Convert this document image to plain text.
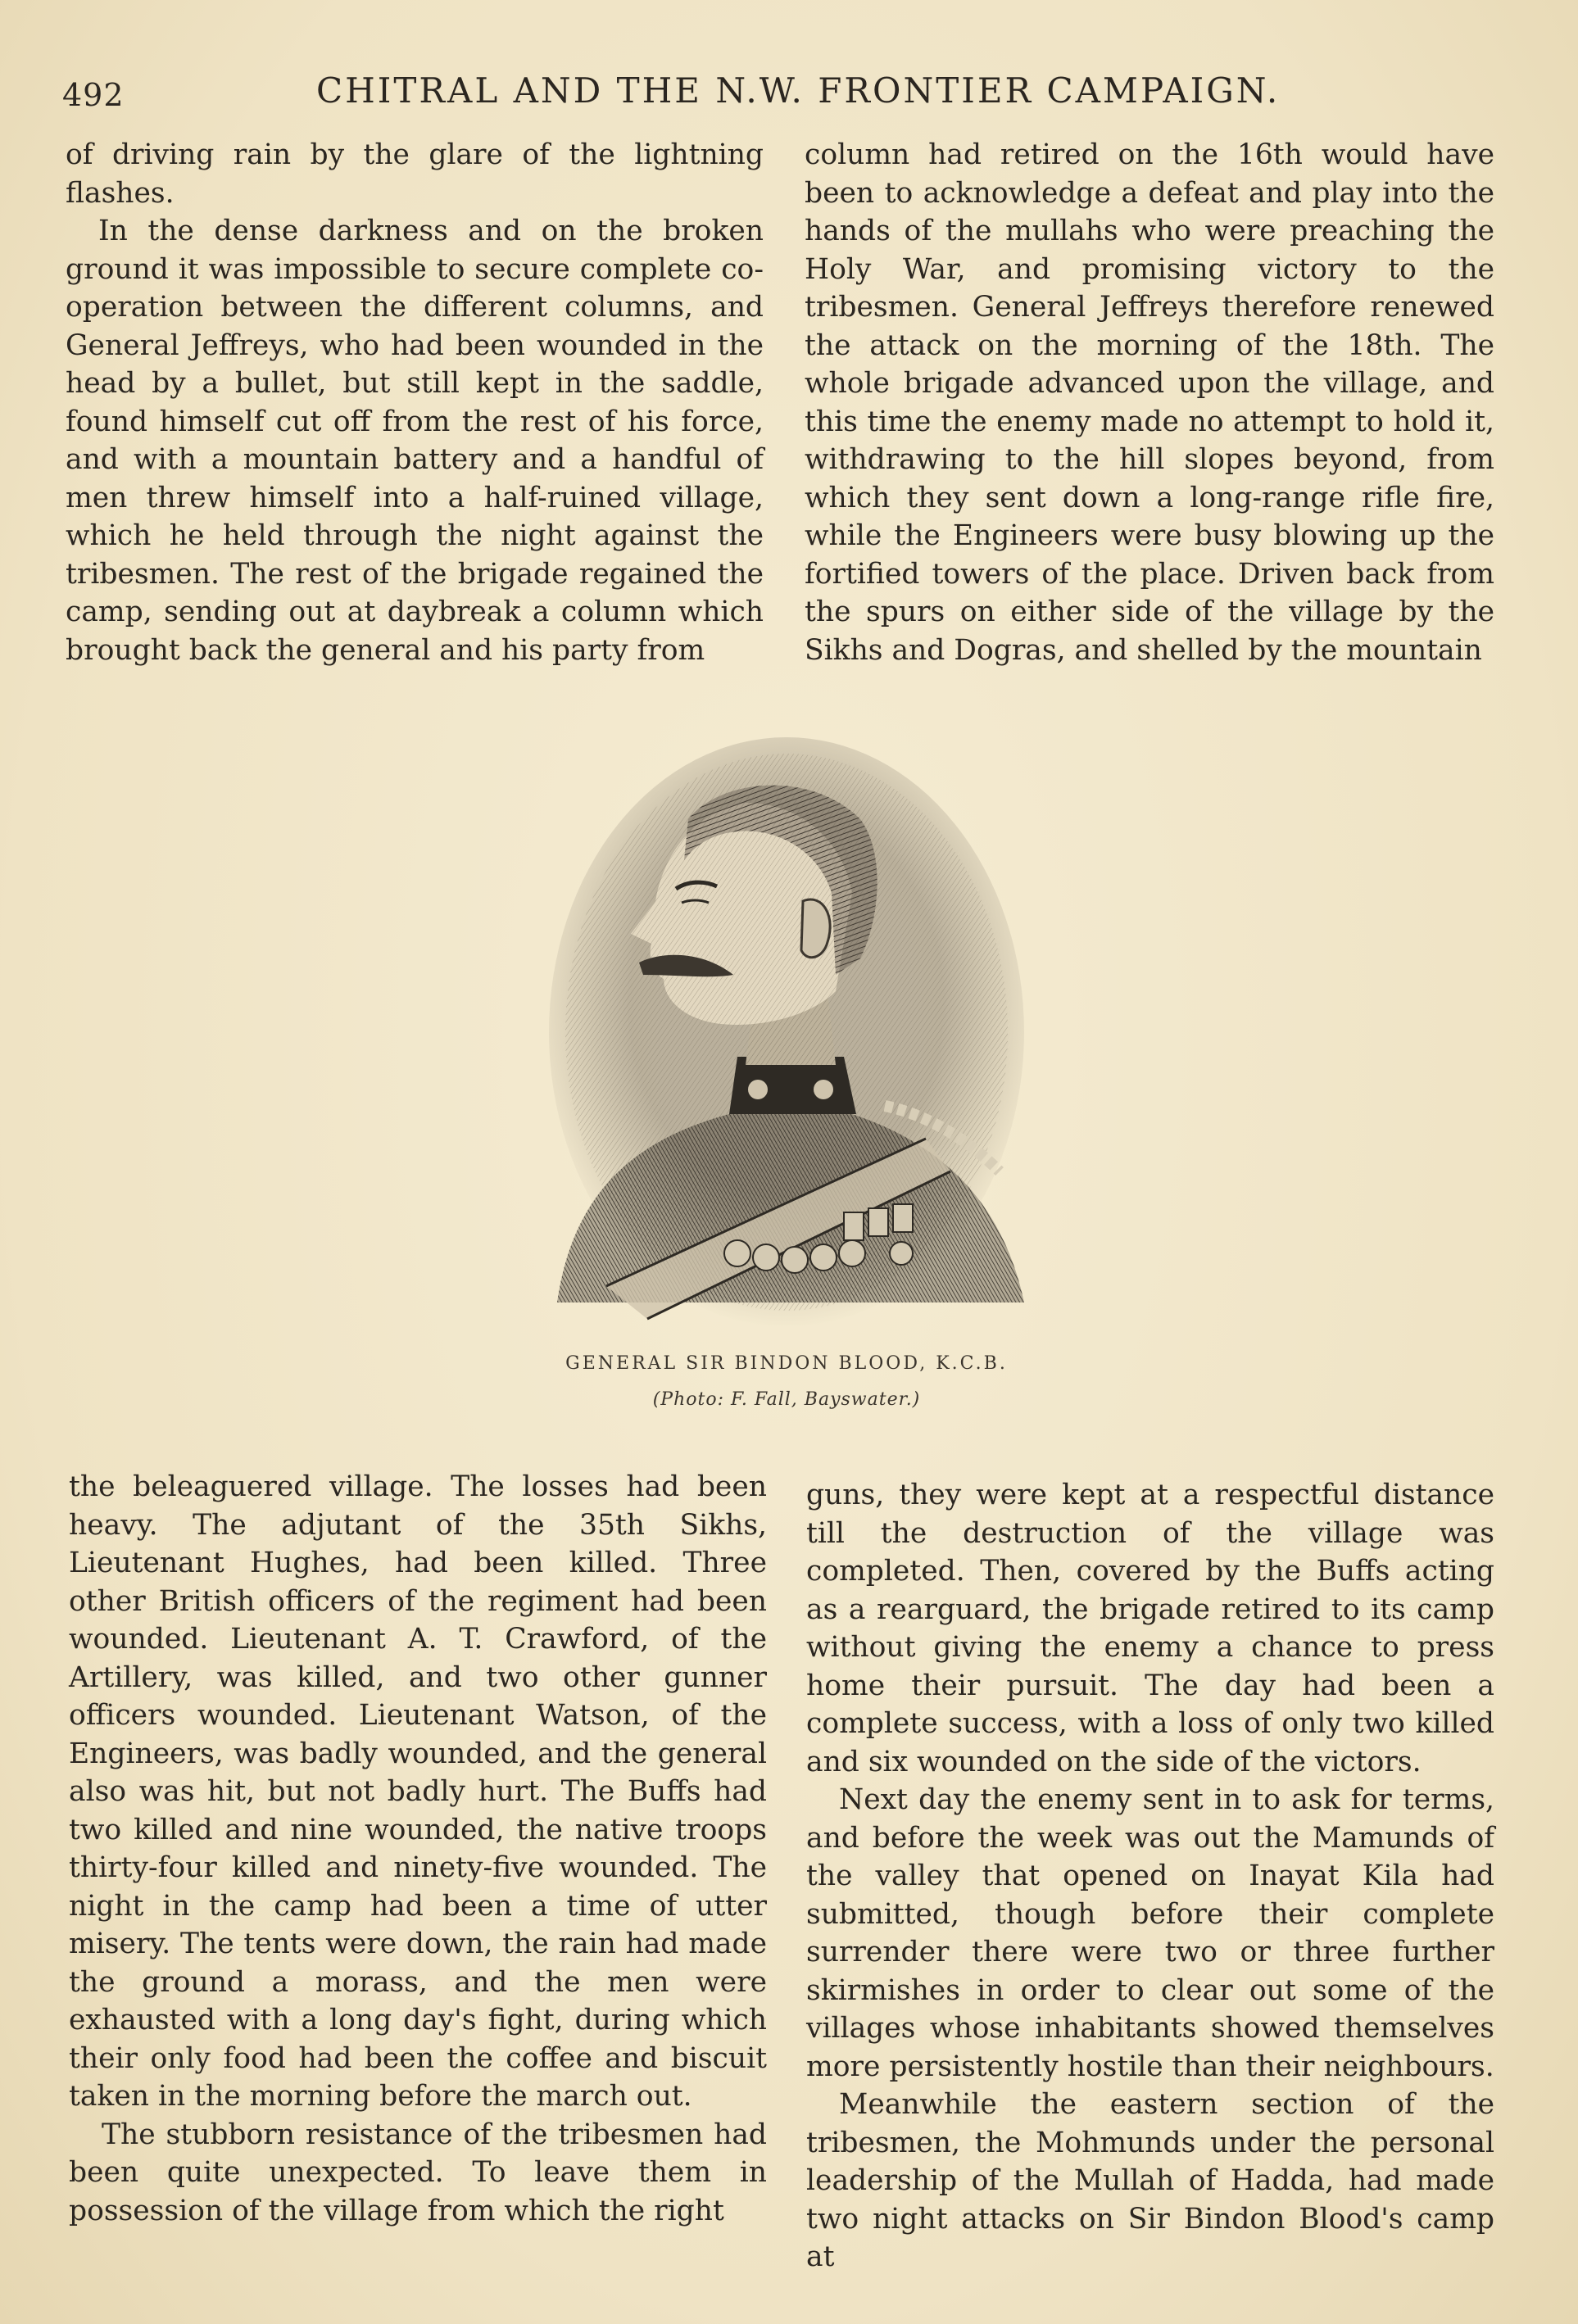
492	CHITRAL AND THE N.W. FRONTIER CAMPAIGN.

of driving rain by the glare of the lightning flashes.

In the dense darkness and on the broken ground it was impossible to secure complete co-operation between the different columns, and General Jeffreys, who had been wounded in the head by a bullet, but still kept in the saddle, found himself cut off from the rest of his force, and with a mountain battery and a handful of men threw himself into a half-ruined village, which he held through the night against the tribesmen. The rest of the brigade regained the camp, sending out at daybreak a column which brought back the general and his party from

column had retired on the 16th would have been to acknowledge a defeat and play into the hands of the mullahs who were preaching the Holy War, and promising victory to the tribesmen. General Jeffreys therefore renewed the attack on the morning of the 18th. The whole brigade advanced upon the village, and this time the enemy made no attempt to hold it, withdrawing to the hill slopes beyond, from which they sent down a long-range rifle fire, while the Engineers were busy blowing up the fortified towers of the place. Driven back from the spurs on either side of the village by the Sikhs and Dogras, and shelled by the mountain

GENERAL SIR BINDON BLOOD, K.C.B.
(Photo: F. Fall, Bayswater.)

the beleaguered village. The losses had been heavy. The adjutant of the 35th Sikhs, Lieutenant Hughes, had been killed. Three other British officers of the regiment had been wounded. Lieutenant A. T. Crawford, of the Artillery, was killed, and two other gunner officers wounded. Lieutenant Watson, of the Engineers, was badly wounded, and the general also was hit, but not badly hurt. The Buffs had two killed and nine wounded, the native troops thirty-four killed and ninety-five wounded. The night in the camp had been a time of utter misery. The tents were down, the rain had made the ground a morass, and the men were exhausted with a long day's fight, during which their only food had been the coffee and biscuit taken in the morning before the march out.

The stubborn resistance of the tribesmen had been quite unexpected. To leave them in possession of the village from which the right

guns, they were kept at a respectful distance till the destruction of the village was completed. Then, covered by the Buffs acting as a rearguard, the brigade retired to its camp without giving the enemy a chance to press home their pursuit. The day had been a complete success, with a loss of only two killed and six wounded on the side of the victors.

Next day the enemy sent in to ask for terms, and before the week was out the Mamunds of the valley that opened on Inayat Kila had submitted, though before their complete surrender there were two or three further skirmishes in order to clear out some of the villages whose inhabitants showed themselves more persistently hostile than their neighbours.

Meanwhile the eastern section of the tribesmen, the Mohmunds under the personal leadership of the Mullah of Hadda, had made two night attacks on Sir Bindon Blood's camp at
